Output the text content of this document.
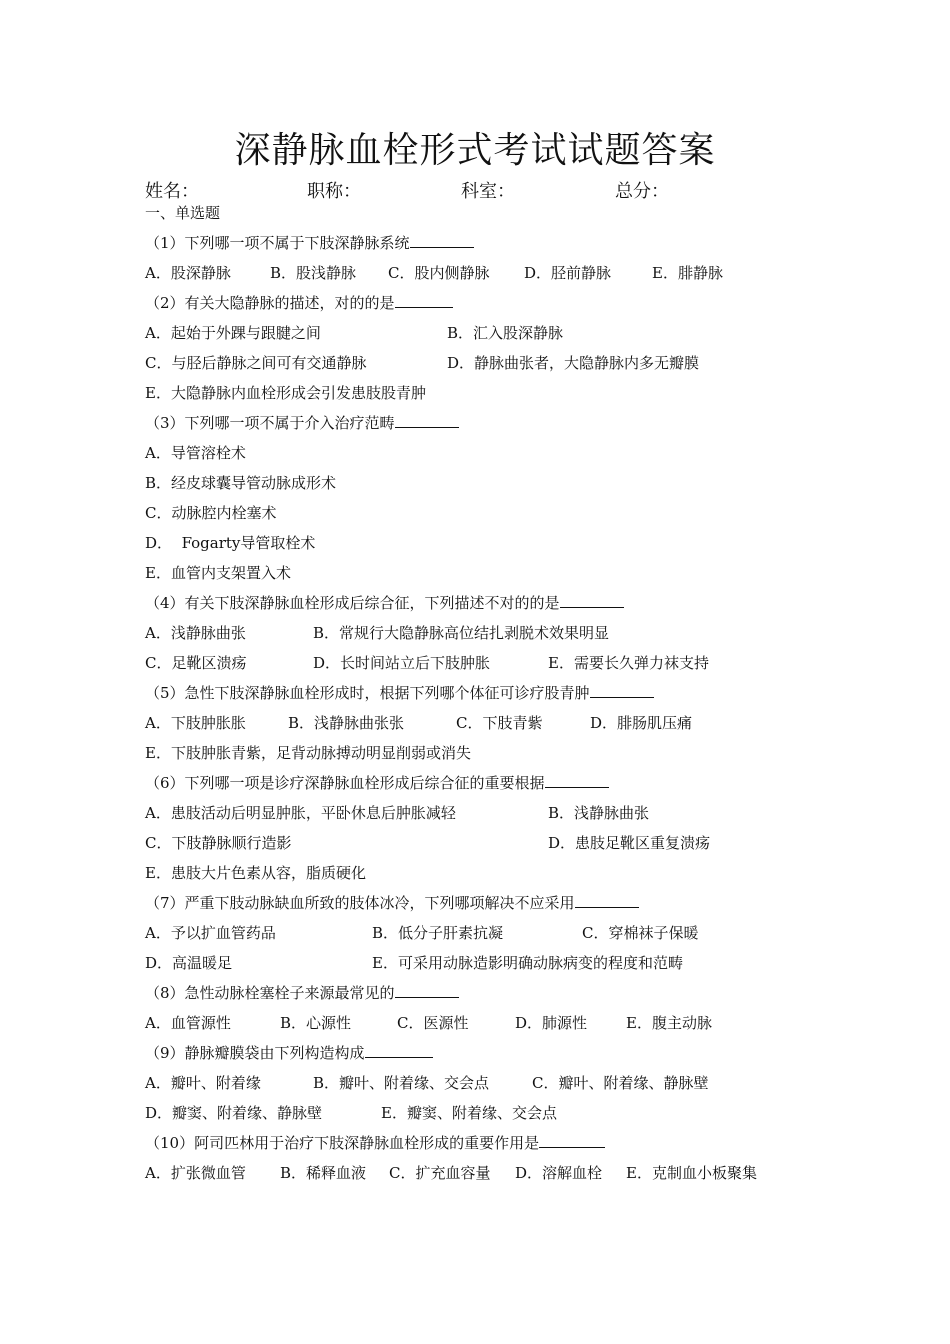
深静脉血栓形式考试试题答案
姓名：	职称：	科室：	总分：
一、单选题
（1）下列哪一项不属于下肢深静脉系统
A．股深静脉	B．股浅静脉 C．股内侧静脉 D．胫前静脉	E．腓静脉
（2）有关大隐静脉的描述，对的的是
A．起始于外踝与跟腱之间	B．汇入股深静脉
C．与胫后静脉之间可有交通静脉	D．静脉曲张者，大隐静脉内多无瓣膜
E．大隐静脉内血栓形成会引发患肢股青肿
（3）下列哪一项不属于介入治疗范畴
A．导管溶栓术
B．经皮球囊导管动脉成形术
C．动脉腔内栓塞术
D．  Fogarty导管取栓术
E．血管内支架置入术
（4）有关下肢深静脉血栓形成后综合征，下列描述不对的的是
A．浅静脉曲张	B．常规行大隐静脉高位结扎剥脱术效果明显
C．足靴区溃疡	D．长时间站立后下肢肿胀	E．需要长久弹力袜支持
（5）急性下肢深静脉血栓形成时，根据下列哪个体征可诊疗股青肿
A．下肢肿胀胀	B．浅静脉曲张张	C．下肢青紫	D．腓肠肌压痛
E．下肢肿胀青紫，足背动脉搏动明显削弱或消失
（6）下列哪一项是诊疗深静脉血栓形成后综合征的重要根据
A．患肢活动后明显肿胀，平卧休息后肿胀减轻	B．浅静脉曲张
C．下肢静脉顺行造影	D．患肢足靴区重复溃疡
E．患肢大片色素从容，脂质硬化
（7）严重下肢动脉缺血所致的肢体冰冷，下列哪项解决不应采用
A．予以扩血管药品	B．低分子肝素抗凝	C．穿棉袜子保暖
D．高温暖足	E．可采用动脉造影明确动脉病变的程度和范畴
（8）急性动脉栓塞栓子来源最常见的
A．血管源性	B．心源性	C．医源性	D．肺源性	E．腹主动脉
（9）静脉瓣膜袋由下列构造构成
A．瓣叶、附着缘	B．瓣叶、附着缘、交会点	C．瓣叶、附着缘、静脉壁
D．瓣窦、附着缘、静脉壁	E．瓣窦、附着缘、交会点
（10）阿司匹林用于治疗下肢深静脉血栓形成的重要作用是
A．扩张微血管 B．稀释血液 C．扩充血容量 D．溶解血栓 E．克制血小板聚集
